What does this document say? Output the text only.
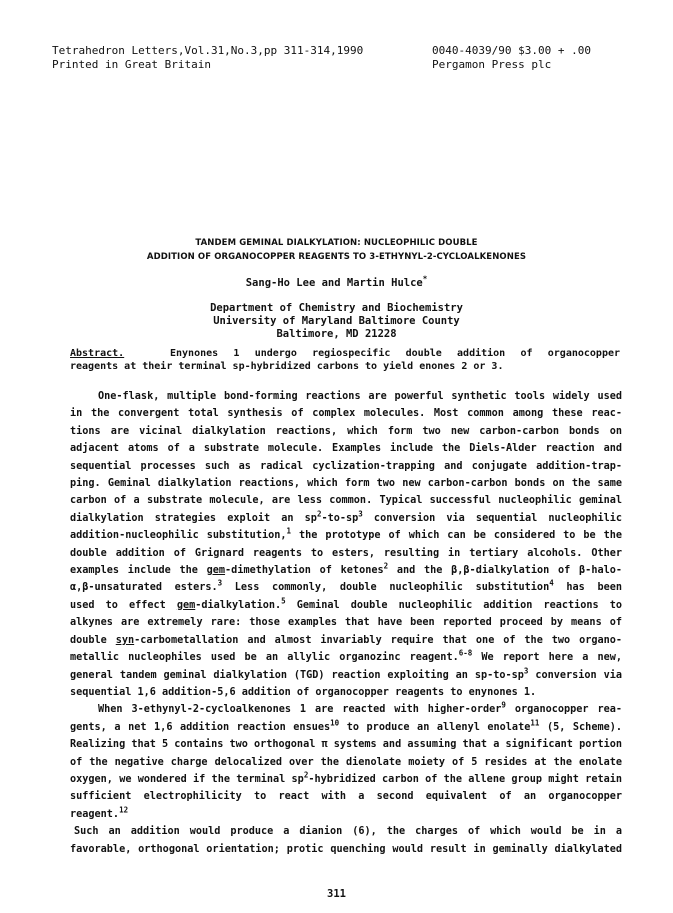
Tetrahedron Letters,Vol.31,No.3,pp 311-314,1990
Printed in Great Britain
0040-4039/90 $3.00 + .00
Pergamon Press plc
TANDEM GEMINAL DIALKYLATION: NUCLEOPHILIC DOUBLE
ADDITION OF ORGANOCOPPER REAGENTS TO 3-ETHYNYL-2-CYCLOALKENONES
Sang-Ho Lee and Martin Hulce*
Department of Chemistry and Biochemistry
University of Maryland Baltimore County
Baltimore, MD 21228
Abstract.	Enynones 1 undergo regiospecific double addition of organocopper
reagents at their terminal sp-hybridized carbons to yield enones 2 or 3.
One-flask, multiple bond-forming reactions are powerful synthetic tools widely used
in the convergent total synthesis of complex molecules. Most common among these reac-
tions are vicinal dialkylation reactions, which form two new carbon-carbon bonds on
adjacent atoms of a substrate molecule. Examples include the Diels-Alder reaction and
sequential processes such as radical cyclization-trapping and conjugate addition-trap-
ping. Geminal dialkylation reactions, which form two new carbon-carbon bonds on the same
carbon of a substrate molecule, are less common. Typical successful nucleophilic geminal
dialkylation strategies exploit an $sp^2-to-sp^3$ conversion via sequential nucleophilic
addition-nucleophilic substitution,$^1$ the prototype of which can be considered to be the
double addition of Grignard reagents to esters, resulting in tertiary alcohols. Other
examples include the gem-dimethylation of ketones$^2$ and the β,β-dialkylation of β-halo-
α,β-unsaturated esters.$^3$ Less commonly, double nucleophilic substitution$^4$ has been
used to effect gem-dialkylation.$^5$ Geminal double nucleophilic addition reactions to
alkynes are extremely rare: those examples that have been reported proceed by means of
double syn-carbometallation and almost invariably require that one of the two organo-
metallic nucleophiles used be an allylic organozinc reagent.$^{6-8}$ We report here a new,
general tandem geminal dialkylation (TGD) reaction exploiting an $sp-to-sp^3$ conversion via
sequential 1,6 addition-5,6 addition of organocopper reagents to enynones 1.
When 3-ethynyl-2-cycloalkenones 1 are reacted with higher-order$^9$ organocopper rea-
gents, a net 1,6 addition reaction ensues$^{10}$ to produce an allenyl enolate$^{11}$ (5, Scheme).
Realizing that 5 contains two orthogonal π systems and assuming that a significant portion
of the negative charge delocalized over the dienolate moiety of 5 resides at the enolate
oxygen, we wondered if the terminal $sp^2$-hybridized carbon of the allene group might retain
sufficient electrophilicity to react with a second equivalent of an organocopper reagent.$^{12}$
Such an addition would produce a dianion (6), the charges of which would be in a
favorable, orthogonal orientation; protic quenching would result in geminally dialkylated
311
